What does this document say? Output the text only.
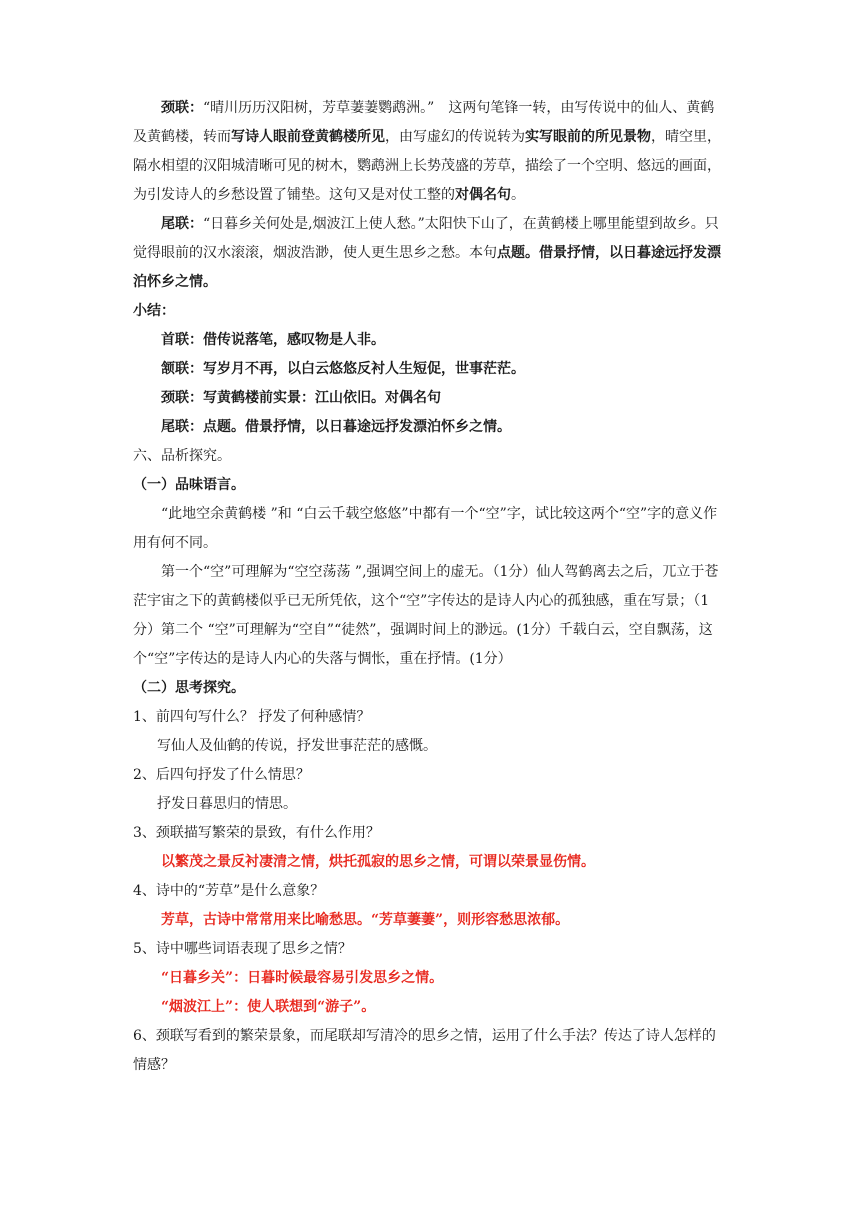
颈联：“晴川历历汉阳树，芳草萋萋鹦鹉洲。”　这两句笔锋一转，由写传说中的仙人、黄鹤及黄鹤楼，转而写诗人眼前登黄鹤楼所见，由写虚幻的传说转为实写眼前的所见景物，晴空里，隔水相望的汉阳城清晰可见的树木，鹦鹉洲上长势茂盛的芳草，描绘了一个空明、悠远的画面，为引发诗人的乡愁设置了铺垫。这句又是对仗工整的对偶名句。

尾联：“日暮乡关何处是,烟波江上使人愁。”太阳快下山了，在黄鹤楼上哪里能望到故乡。只觉得眼前的汉水滚滚，烟波浩渺，使人更生思乡之愁。本句点题。借景抒情，以日暮途远抒发漂泊怀乡之情。

小结：

首联：借传说落笔，感叹物是人非。

颔联：写岁月不再，以白云悠悠反衬人生短促，世事茫茫。

颈联：写黄鹤楼前实景：江山依旧。对偶名句

尾联：点题。借景抒情，以日暮途远抒发漂泊怀乡之情。

六、品析探究。

（一）品味语言。

“此地空余黄鹤楼 ”和 “白云千载空悠悠”中都有一个“空”字，试比较这两个“空”字的意义作用有何不同。

第一个“空”可理解为“空空荡荡 ”,强调空间上的虚无。（1分）仙人驾鹤离去之后，兀立于苍茫宇宙之下的黄鹤楼似乎已无所凭依，这个“空”字传达的是诗人内心的孤独感，重在写景；（1分）第二个 “空”可理解为“空自”“徒然”，强调时间上的渺远。(1分）千载白云，空自飘荡，这个“空”字传达的是诗人内心的失落与惆怅，重在抒情。(1分）

（二）思考探究。

1、前四句写什么？ 抒发了何种感情？

写仙人及仙鹤的传说，抒发世事茫茫的感慨。

2、后四句抒发了什么情思？

抒发日暮思归的情思。

3、颈联描写繁荣的景致，有什么作用？

以繁茂之景反衬凄清之情，烘托孤寂的思乡之情，可谓以荣景显伤情。

4、诗中的“芳草”是什么意象？

芳草，古诗中常常用来比喻愁思。“芳草萋萋”，则形容愁思浓郁。

5、诗中哪些词语表现了思乡之情？

“日暮乡关”：日暮时候最容易引发思乡之情。

“烟波江上”：使人联想到“游子”。

6、颈联写看到的繁荣景象，而尾联却写清冷的思乡之情，运用了什么手法？传达了诗人怎样的情感？
